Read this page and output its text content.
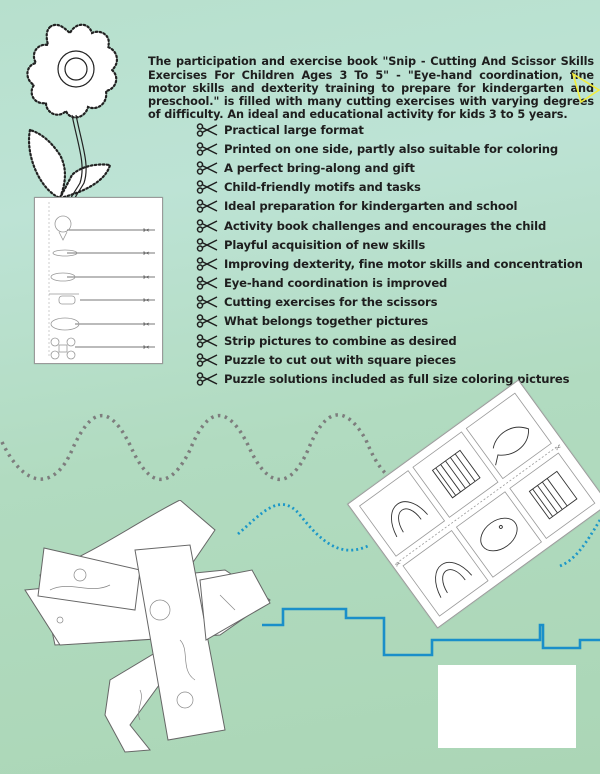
✂
✂
✂
✂
✂
✂

The participation and exercise book "Snip - Cutting And Scissor Skills Exercises For Children Ages 3 To 5" - "Eye-hand coordination, fine motor skills and dexterity training to prepare for kindergarten and preschool." is filled with many cutting exercises with varying degrees of difficulty. An ideal and educational activity for kids 3 to 5 years.

Practical large format
Printed on one side, partly also suitable for coloring
A perfect bring-along and gift
Child-friendly motifs and tasks
Ideal preparation for kindergarten and school
Activity book challenges and encourages the child
Playful acquisition of new skills
Improving dexterity, fine motor skills and concentration
Eye-hand coordination is improved
Cutting exercises for the scissors
What belongs together pictures
Strip pictures to combine as desired
Puzzle to cut out with square pieces
Puzzle solutions included as full size coloring pictures
✂
✂
